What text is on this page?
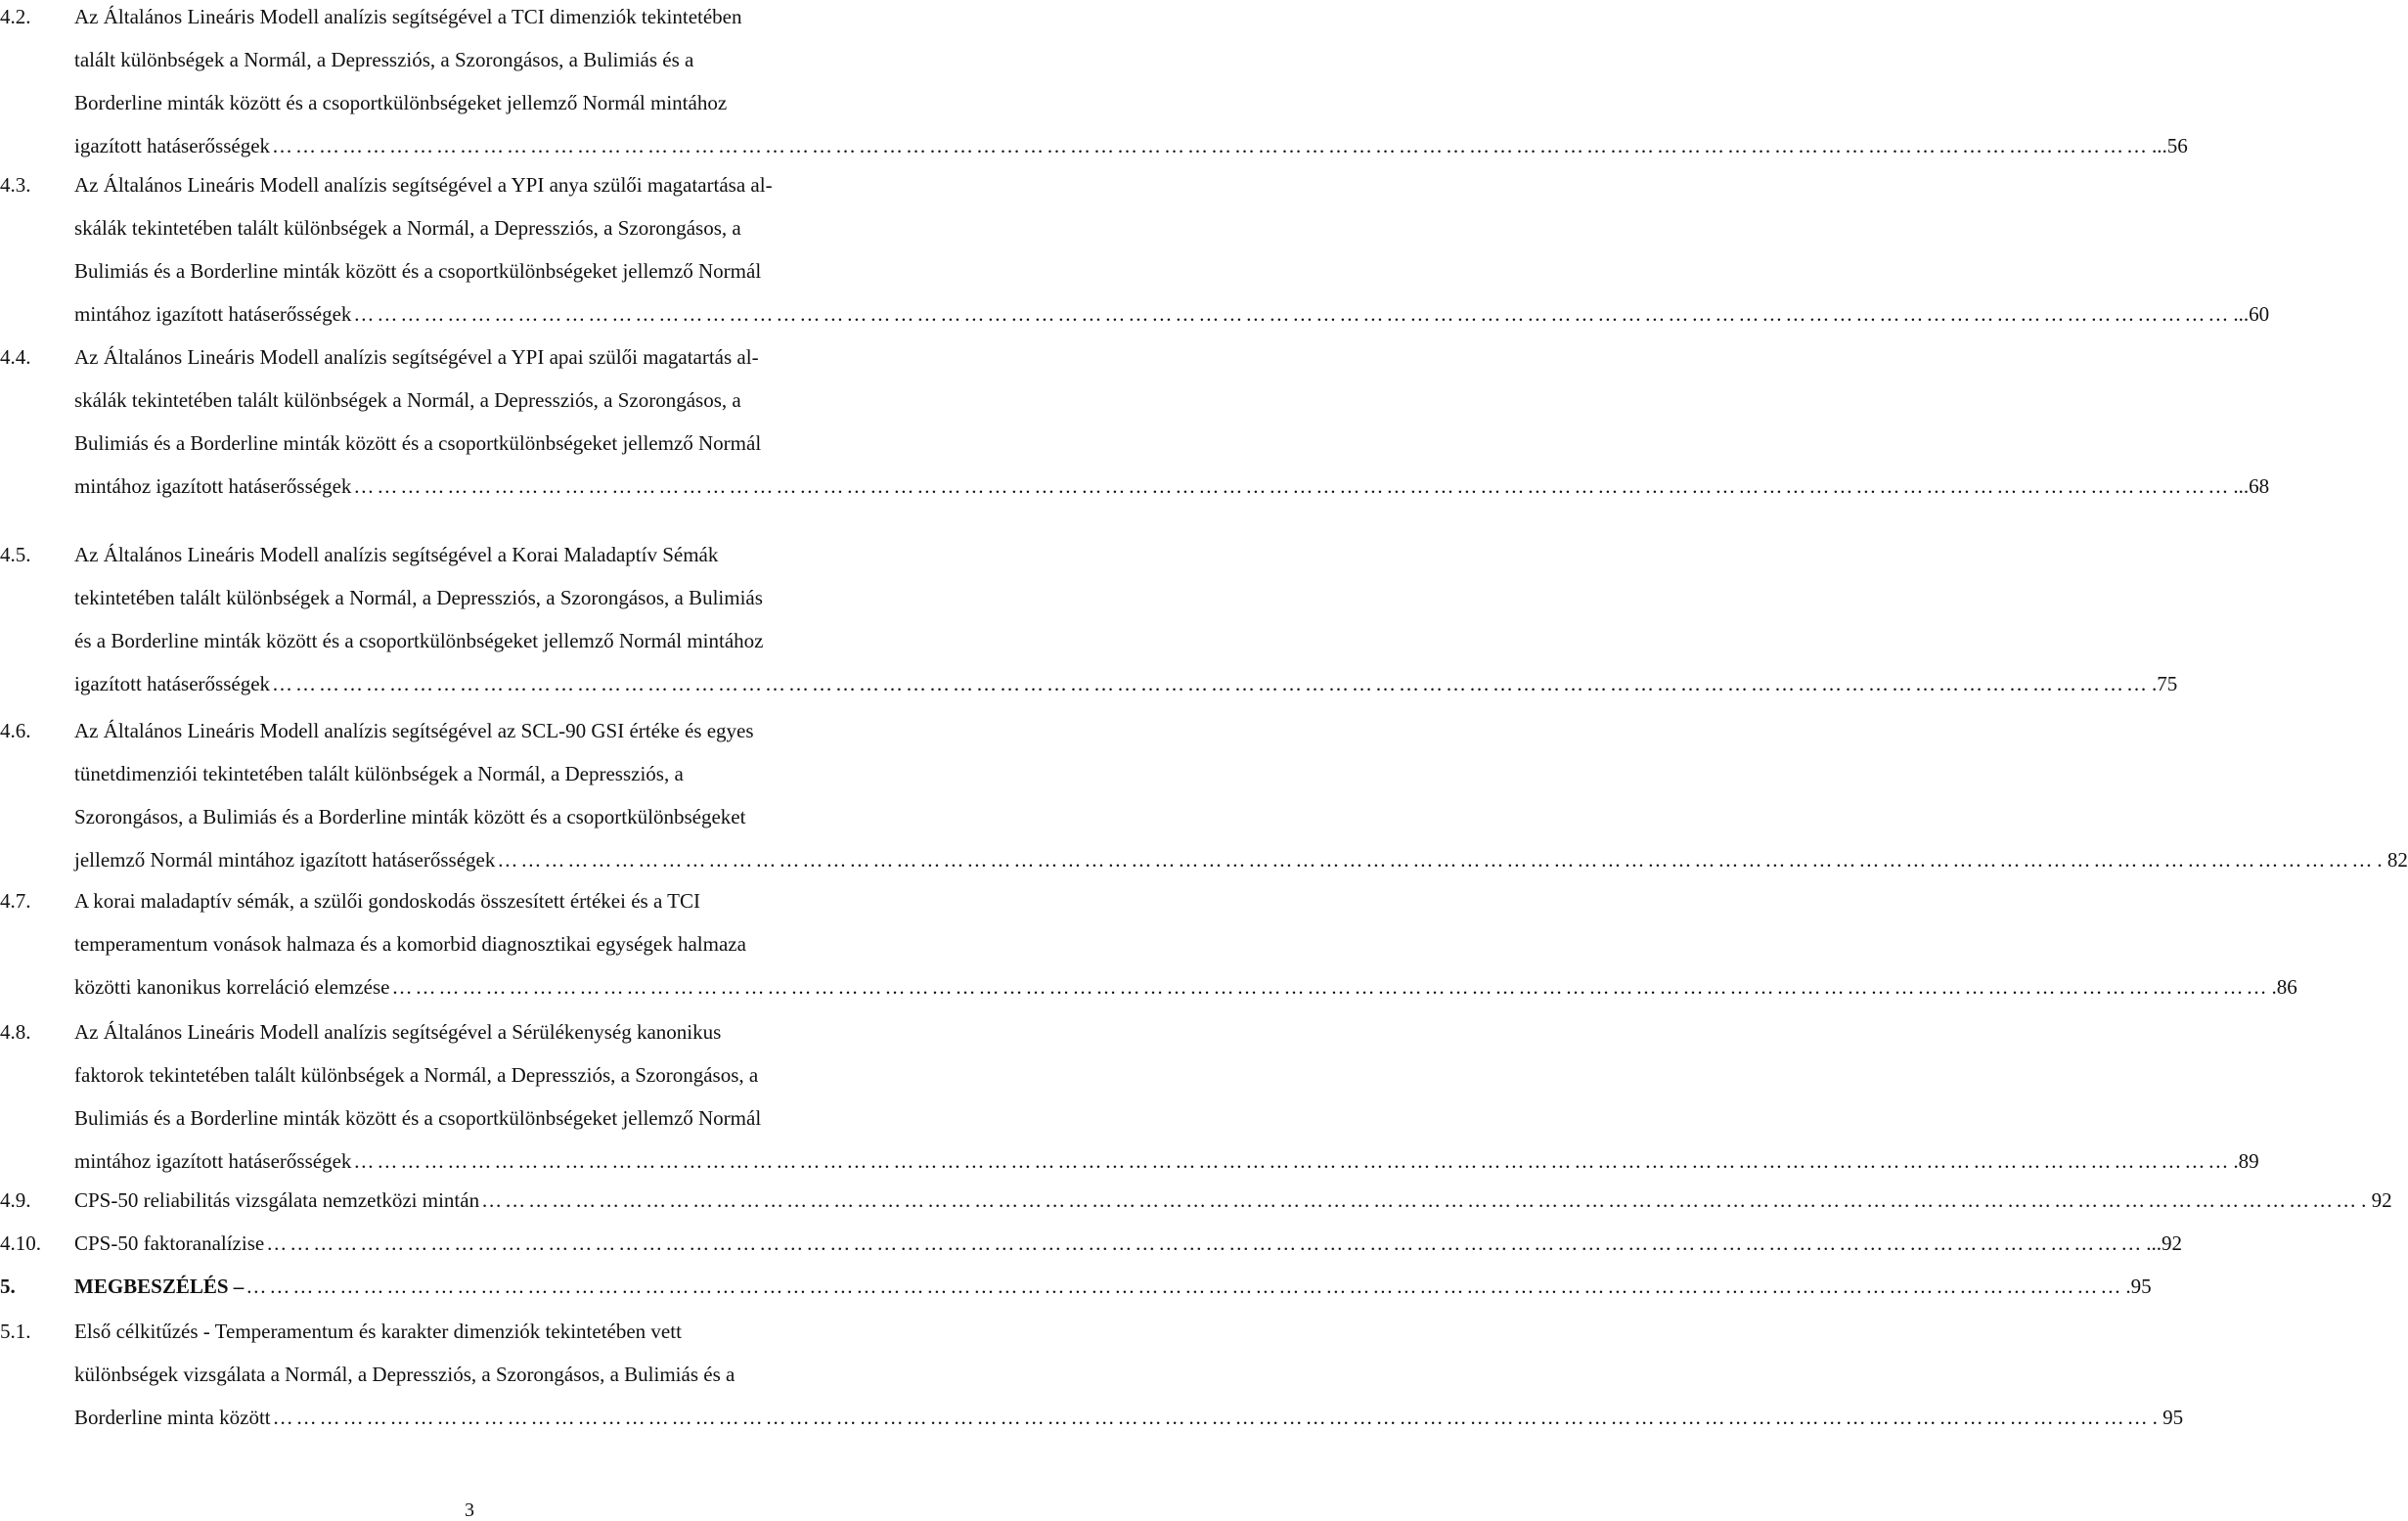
4.2. Az Általános Lineáris Modell analízis segítségével a TCI dimenziók tekintetében
talált különbségek a Normál, a Depressziós, a Szorongásos, a Bulimiás és a
Borderline minták között és a csoportkülönbségeket jellemző Normál mintához
igazított hatáserősségek …………………………………………………………………………………………………………………………………………………………………………………………………………………… ...56
4.3. Az Általános Lineáris Modell analízis segítségével a YPI anya szülői magatartása al-
skálák tekintetében talált különbségek a Normál, a Depressziós, a Szorongásos, a
Bulimiás és a Borderline minták között és a csoportkülönbségeket jellemző Normál
mintához igazított hatáserősségek …………………………………………………………………………………………………………………………………………………………………………………………………………………… ...60
4.4. Az Általános Lineáris Modell analízis segítségével a YPI apai szülői magatartás al-
skálák tekintetében talált különbségek a Normál, a Depressziós, a Szorongásos, a
Bulimiás és a Borderline minták között és a csoportkülönbségeket jellemző Normál
mintához igazított hatáserősségek …………………………………………………………………………………………………………………………………………………………………………………………………………………… ...68
4.5. Az Általános Lineáris Modell analízis segítségével a Korai Maladaptív Sémák
tekintetében talált különbségek a Normál, a Depressziós, a Szorongásos, a Bulimiás
és a Borderline minták között és a csoportkülönbségeket jellemző Normál mintához
igazított hatáserősségek …………………………………………………………………………………………………………………………………………………………………………………………………………………… .75
4.6. Az Általános Lineáris Modell analízis segítségével az SCL-90 GSI értéke és egyes
tünetdimenziói tekintetében talált különbségek a Normál, a Depressziós, a
Szorongásos, a Bulimiás és a Borderline minták között és a csoportkülönbségeket
jellemző Normál mintához igazított hatáserősségek …………………………………………………………………………………………………………………………………………………………………………………………………………………… . 82
4.7. A korai maladaptív sémák, a szülői gondoskodás összesített értékei és a TCI
temperamentum vonások halmaza és a komorbid diagnosztikai egységek halmaza
közötti kanonikus korreláció elemzése …………………………………………………………………………………………………………………………………………………………………………………………………………………… .86
4.8. Az Általános Lineáris Modell analízis segítségével a Sérülékenység kanonikus
faktorok tekintetében talált különbségek a Normál, a Depressziós, a Szorongásos, a
Bulimiás és a Borderline minták között és a csoportkülönbségeket jellemző Normál
mintához igazított hatáserősségek …………………………………………………………………………………………………………………………………………………………………………………………………………………… .89
4.9. CPS-50 reliabilitás vizsgálata nemzetközi mintán …………………………………………………………………………………………………………………………………………………………………………………………………………………… . 92
4.10. CPS-50 faktoranalízise …………………………………………………………………………………………………………………………………………………………………………………………………………………… ...92
5.	MEGBESZÉLÉS – …………………………………………………………………………………………………………………………………………………………………………………………………………………… .95
5.1. Első célkitűzés - Temperamentum és karakter dimenziók tekintetében vett
különbségek vizsgálata a Normál, a Depressziós, a Szorongásos, a Bulimiás és a
Borderline minta között …………………………………………………………………………………………………………………………………………………………………………………………………………………… . 95
3
